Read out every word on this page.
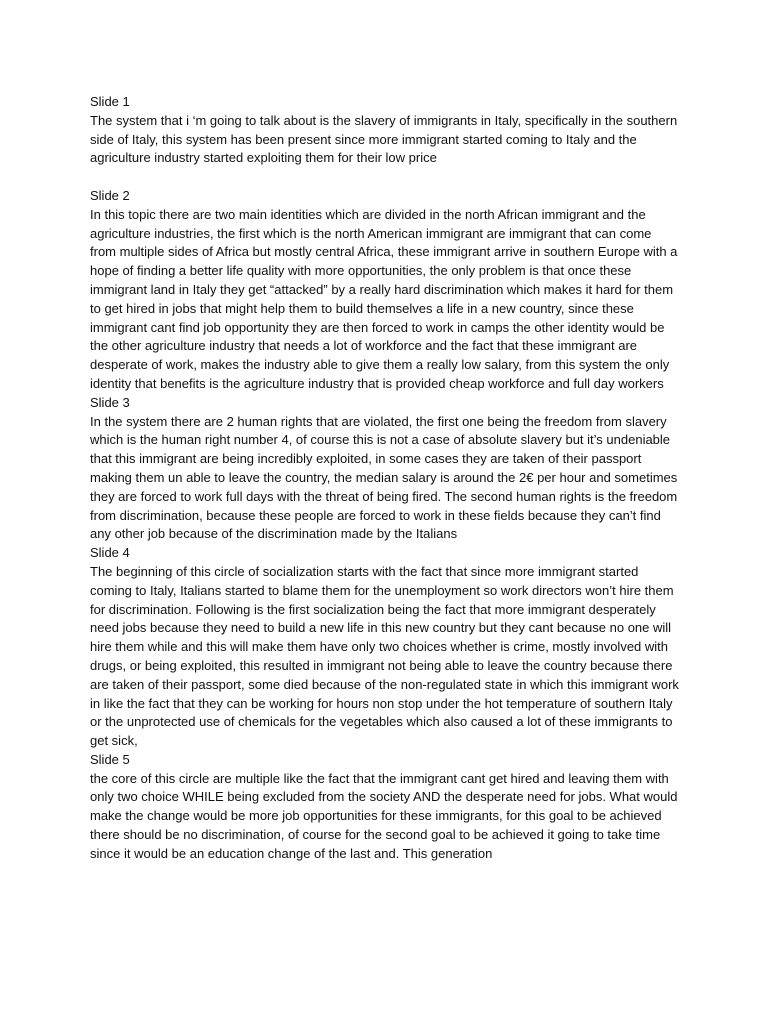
Slide 1

The system that i ‘m going to talk about is the slavery of immigrants in Italy, specifically in the southern side of Italy, this system has been present since more immigrant started coming to Italy and the agriculture industry started exploiting them for their low price

Slide 2

In this topic there are two main identities which are divided in the north African immigrant and the agriculture industries, the first which is the north American immigrant are immigrant that can come from multiple sides of Africa but mostly central Africa, these immigrant arrive in southern Europe with a hope of finding a better life quality with more opportunities, the only problem is that once these immigrant land in Italy they get “attacked” by a really hard discrimination which makes it hard for them to get hired in jobs that might help them to build themselves a life in a new country, since these immigrant cant find job opportunity they are then forced to work in camps the other identity would be the other agriculture industry that needs a lot of workforce and the fact that these immigrant are desperate of work, makes the industry able to give them a really low salary, from this system the only identity that benefits is the agriculture industry that is provided cheap workforce and full day workers

Slide 3

In the system there are 2 human rights that are violated, the first one being the freedom from slavery which is the human right number 4, of course this is not a case of absolute slavery but it’s undeniable that this immigrant are being incredibly exploited, in some cases they are taken of their passport making them un able to leave the country, the median salary is around the 2€ per hour and sometimes they are forced to work full days with the threat of being fired. The second human rights is the freedom from discrimination, because these people are forced to work in these fields because they can’t find any other job because of the discrimination made by the Italians

Slide 4

The beginning of this circle of socialization starts with the fact that since more immigrant started coming to Italy, Italians started to blame them for the unemployment so work directors won’t hire them for discrimination. Following is the first socialization being the fact that more immigrant desperately need jobs because they need to build a new life in this new country but they cant because no one will hire them while and this will make them have only two choices whether is crime, mostly involved with drugs, or being exploited, this resulted in immigrant not being able to leave the country because there are taken of their passport, some died because of the non-regulated state in which this immigrant work in like the fact that they can be working for hours non stop under the hot temperature of southern Italy or the unprotected use of chemicals for the vegetables which also caused a lot of these immigrants to get sick,

Slide 5

the core of this circle are multiple like the fact that the immigrant cant get hired and leaving them with only two choice WHILE being excluded from the society AND the desperate need for jobs. What would make the change would be more job opportunities for these immigrants, for this goal to be achieved there should be no discrimination, of course for the second goal to be achieved it going to take time since it would be an education change of the last and. This generation
